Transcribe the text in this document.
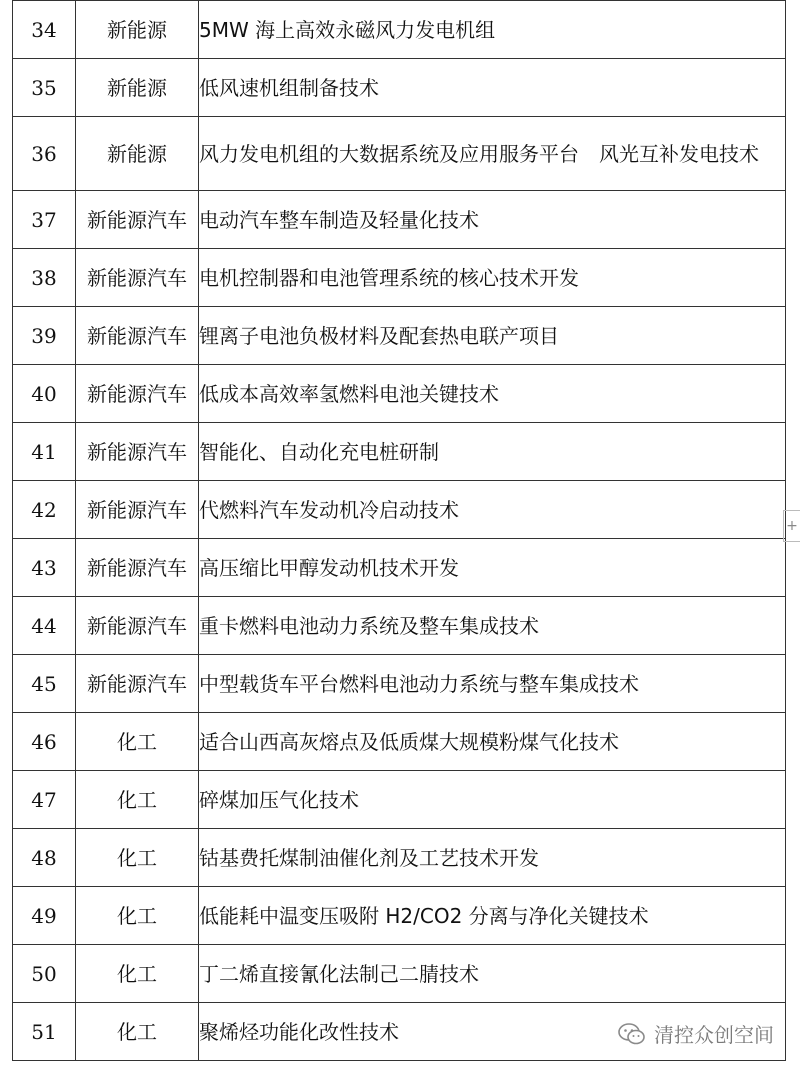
34	新能源	5MW 海上高效永磁风力发电机组
35	新能源	低风速机组制备技术
36	新能源	风力发电机组的大数据系统及应用服务平台　风光互补发电技术
37	新能源汽车	电动汽车整车制造及轻量化技术
38	新能源汽车	电机控制器和电池管理系统的核心技术开发
39	新能源汽车	锂离子电池负极材料及配套热电联产项目
40	新能源汽车	低成本高效率氢燃料电池关键技术
41	新能源汽车	智能化、自动化充电桩研制
42	新能源汽车	代燃料汽车发动机冷启动技术
43	新能源汽车	高压缩比甲醇发动机技术开发
44	新能源汽车	重卡燃料电池动力系统及整车集成技术
45	新能源汽车	中型载货车平台燃料电池动力系统与整车集成技术
46	化工	适合山西高灰熔点及低质煤大规模粉煤气化技术
47	化工	碎煤加压气化技术
48	化工	钴基费托煤制油催化剂及工艺技术开发
49	化工	低能耗中温变压吸附 H2/CO2 分离与净化关键技术
50	化工	丁二烯直接氰化法制己二腈技术
51	化工	聚烯烃功能化改性技术
+
清控众创空间
